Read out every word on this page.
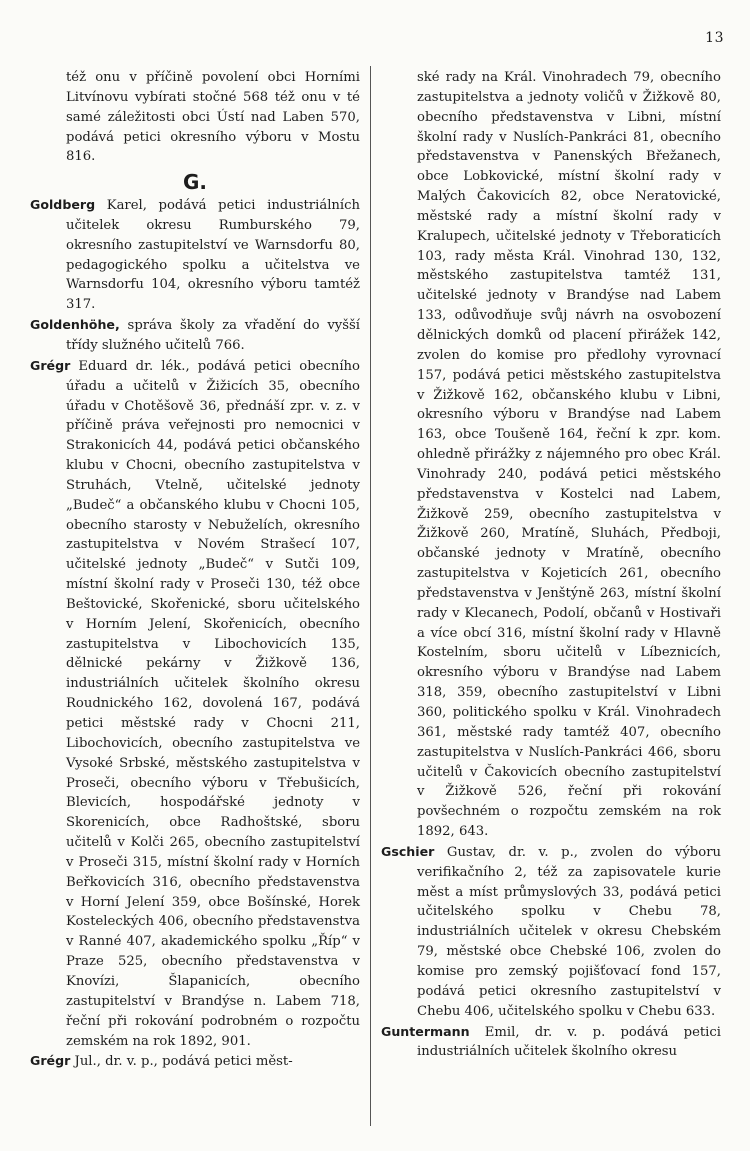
13

též onu v příčině povolení obci Horními Litvínovu vybírati stočné 568 též onu v té samé záležitosti obci Ústí nad Laben 570, podává petici okresního výboru v Mostu 816.

G.

Goldberg Karel, podává petici industriálních učitelek okresu Rumburského 79, okresního zastupitelství ve Warnsdorfu 80, pedagogického spolku a učitelstva ve Warnsdorfu 104, okresního výboru tamtéž 317.

Goldenhöhe, správa školy za vřadění do vyšší třídy služného učitelů 766.

Grégr Eduard dr. lék., podává petici obecního úřadu a učitelů v Žižicích 35, obecního úřadu v Chotěšově 36, přednáší zpr. v. z. v příčině práva veřejnosti pro nemocnici v Strakonicích 44, podává petici občanského klubu v Chocni, obecního zastupitelstva v Struhách, Vtelně, učitelské jednoty „Budeč“ a občanského klubu v Chocni 105, obecního starosty v Nebuželích, okresního zastupitelstva v Novém Strašecí 107, učitelské jednoty „Budeč“ v Sutči 109, místní školní rady v Proseči 130, též obce Beštovické, Skořenické, sboru učitelského v Horním Jelení, Skořenicích, obecního zastupitelstva v Libochovicích 135, dělnické pekárny v Žižkově 136, industriálních učitelek školního okresu Roudnického 162, dovolená 167, podává petici městské rady v Chocni 211, Libochovicích, obecního zastupitelstva ve Vysoké Srbské, městského zastupitelstva v Proseči, obecního výboru v Třebušicích, Blevicích, hospodářské jednoty v Skorenicích, obce Radhoštské, sboru učitelů v Kolči 265, obecního zastupitelství v Proseči 315, místní školní rady v Horních Beřkovicích 316, obecního představenstva v Horní Jelení 359, obce Bošínské, Horek Kosteleckých 406, obecního představenstva v Ranné 407, akademického spolku „Říp“ v Praze 525, obecního představenstva v Knovízi, Šlapanicích, obecního zastupitelství v Brandýse n. Labem 718, řeční při rokování podrobném o rozpočtu zemském na rok 1892, 901.

Grégr Jul., dr. v. p., podává petici měst-

ské rady na Král. Vinohradech 79, obecního zastupitelstva a jednoty voličů v Žižkově 80, obecního představenstva v Libni, místní školní rady v Nuslích-Pankráci 81, obecního představenstva v Panenských Břežanech, obce Lobkovické, místní školní rady v Malých Čakovicích 82, obce Neratovické, městské rady a místní školní rady v Kralupech, učitelské jednoty v Třeboraticích 103, rady města Král. Vinohrad 130, 132, městského zastupitelstva tamtéž 131, učitelské jednoty v Brandýse nad Labem 133, odůvodňuje svůj návrh na osvobození dělnických domků od placení přirážek 142, zvolen do komise pro předlohy vyrovnací 157, podává petici městského zastupitelstva v Žižkově 162, občanského klubu v Libni, okresního výboru v Brandýse nad Labem 163, obce Toušeně 164, řeční k zpr. kom. ohledně přirážky z nájemného pro obec Král. Vinohrady 240, podává petici městského představenstva v Kostelci nad Labem, Žižkově 259, obecního zastupitelstva v Žižkově 260, Mratíně, Sluhách, Předboji, občanské jednoty v Mratíně, obecního zastupitelstva v Kojeticích 261, obecního představenstva v Jenštýně 263, místní školní rady v Klecanech, Podolí, občanů v Hostivaři a více obcí 316, místní školní rady v Hlavně Kostelním, sboru učitelů v Líbeznicích, okresního výboru v Brandýse nad Labem 318, 359, obecního zastupitelství v Libni 360, politického spolku v Král. Vinohradech 361, městské rady tamtéž 407, obecního zastupitelstva v Nuslích-Pankráci 466, sboru učitelů v Čakovicích obecního zastupitelství v Žižkově 526, řeční při rokování povšechném o rozpočtu zemském na rok 1892, 643.

Gschier Gustav, dr. v. p., zvolen do výboru verifikačního 2, též za zapisovatele kurie měst a míst průmyslových 33, podává petici učitelského spolku v Chebu 78, industriálních učitelek v okresu Chebském 79, městské obce Chebské 106, zvolen do komise pro zemský pojišťovací fond 157, podává petici okresního zastupitelství v Chebu 406, učitelského spolku v Chebu 633.

Guntermann Emil, dr. v. p. podává petici industriálních učitelek školního okresu
